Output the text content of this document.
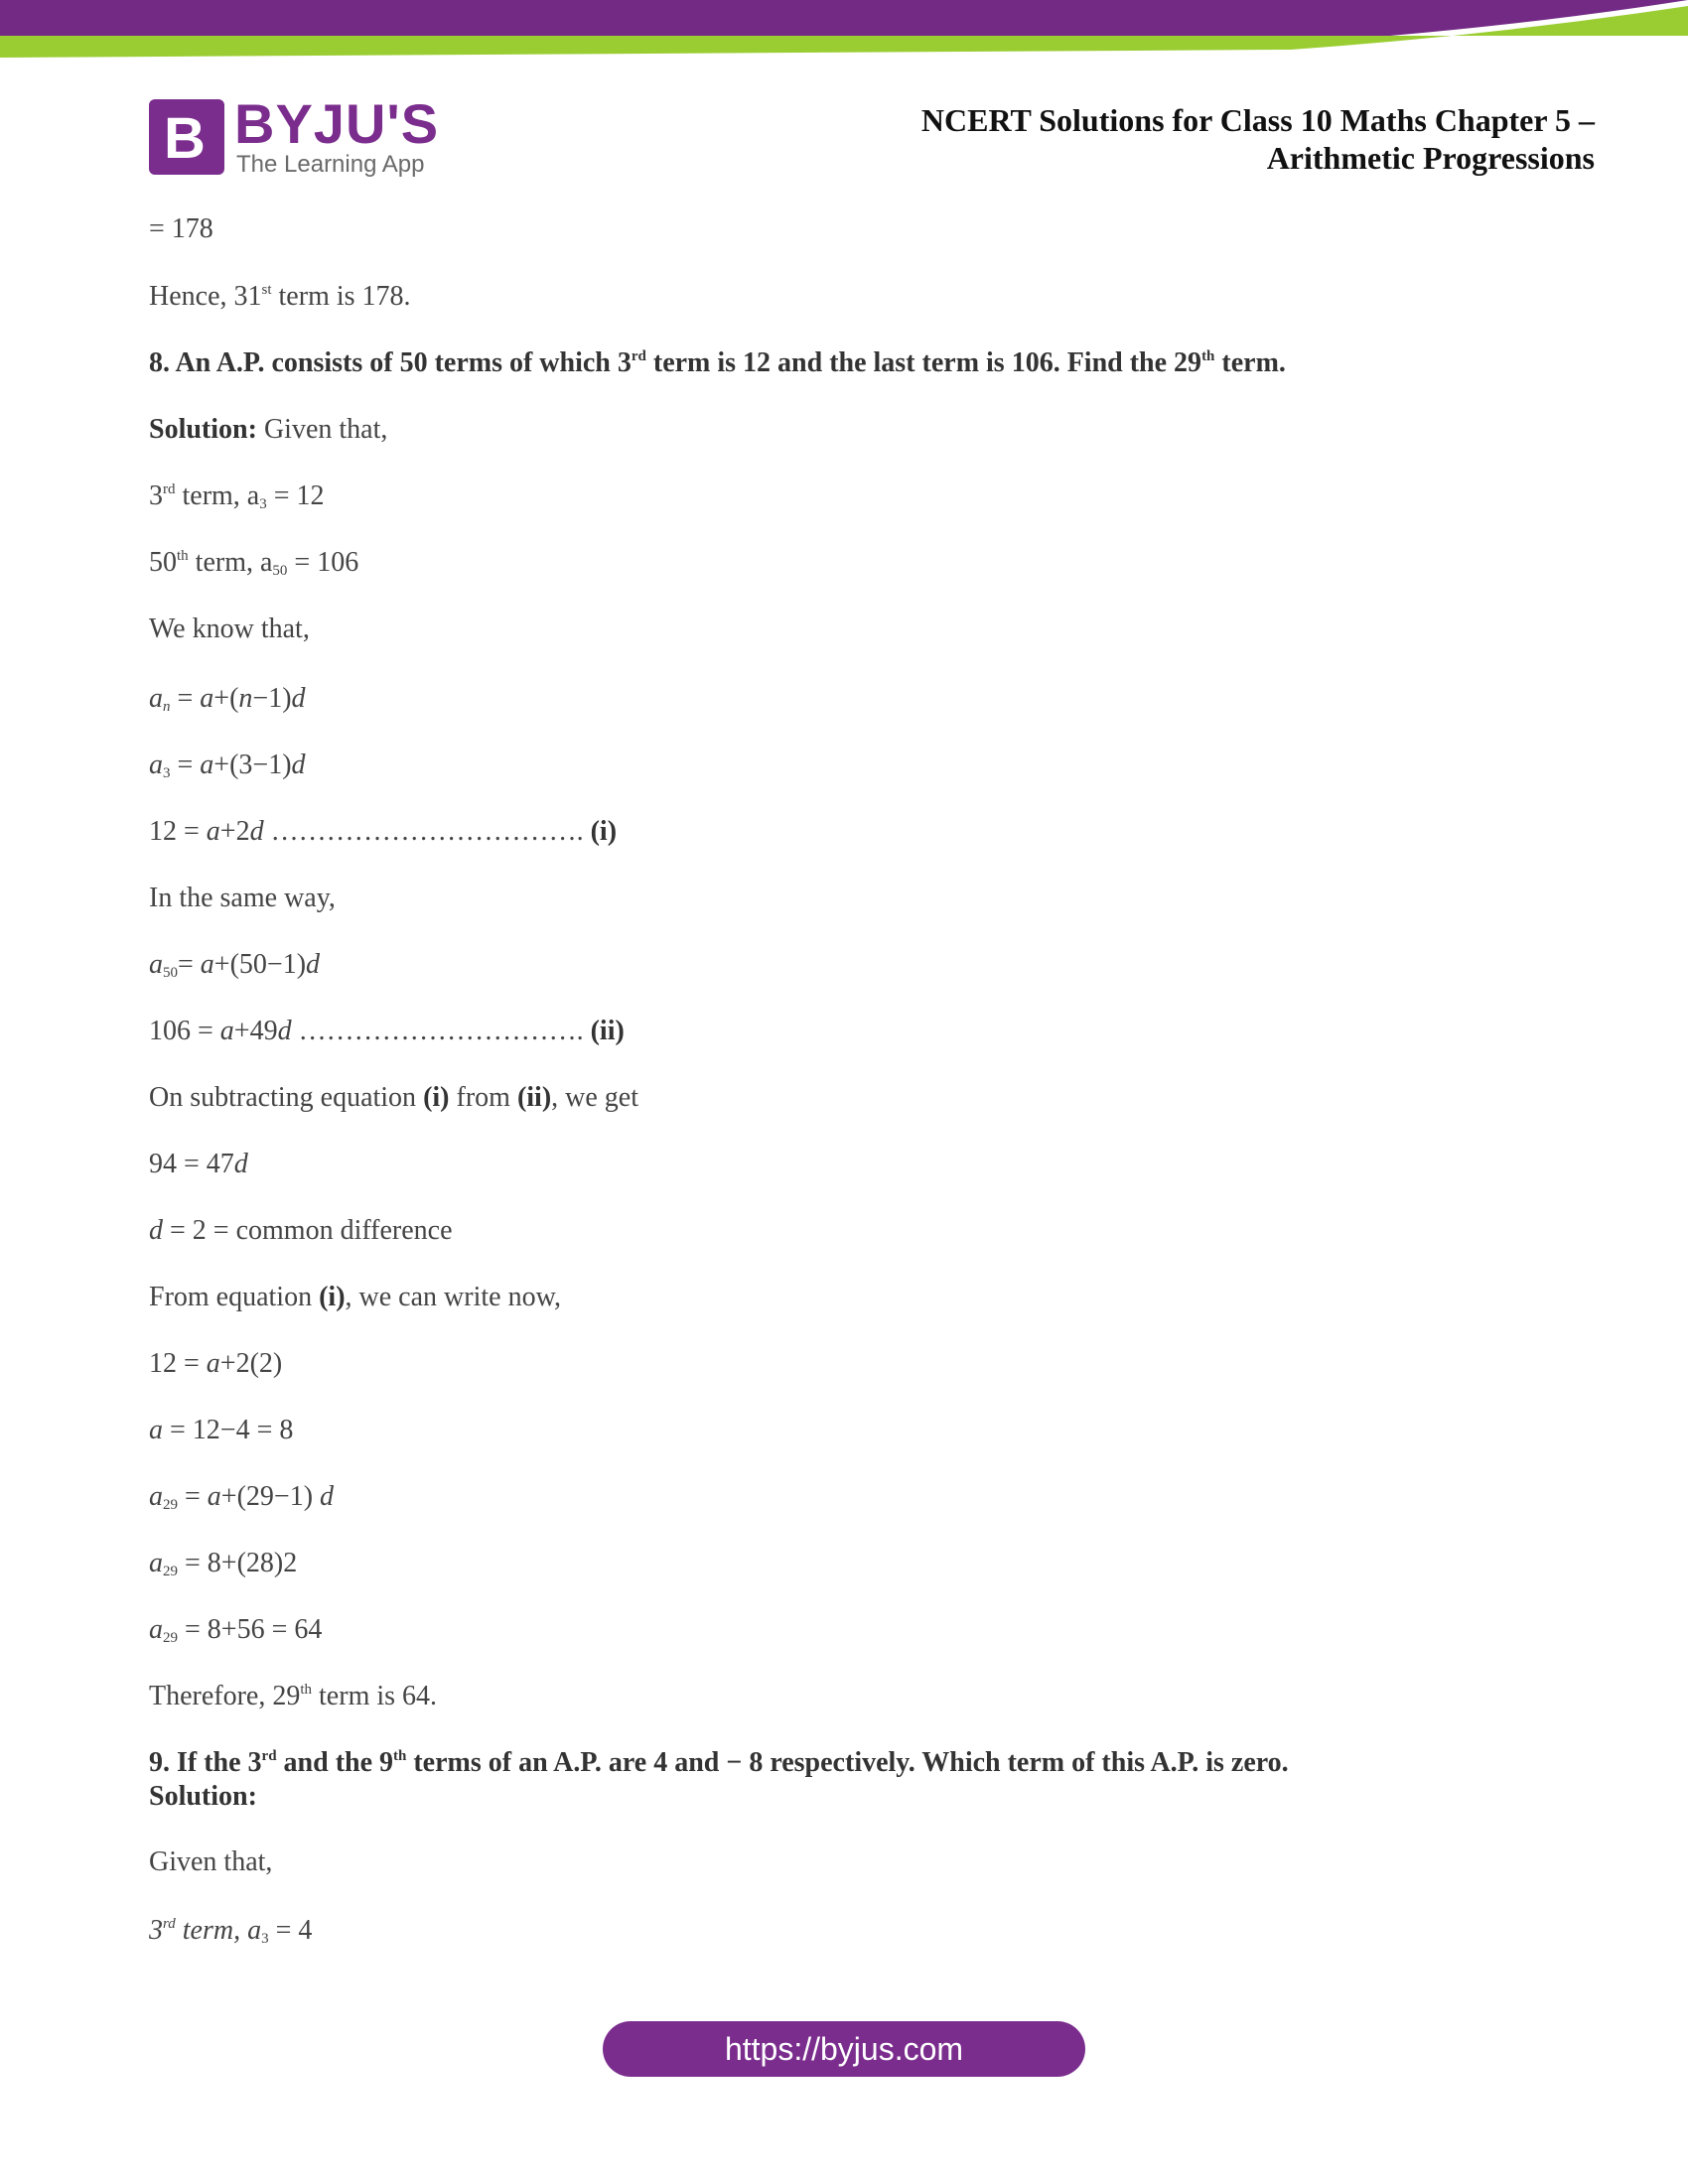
B BYJU'S
The Learning App
NCERT Solutions for Class 10 Maths Chapter 5 –
Arithmetic Progressions
= 178
Hence, 31st term is 178.
8. An A.P. consists of 50 terms of which 3rd term is 12 and the last term is 106. Find the 29th term.
Solution: Given that,
3rd term, $a_3 = 12$
50th term, $a_{50} = 106$
We know that,
$a_n = a+(n-1)d$
$a_3 = a+(3-1)d$
12 = a+2d ……………………………. (i)
In the same way,
$a_{50}= a+(50-1)d$
106 = a+49d …………………………. (ii)
On subtracting equation (i) from (ii), we get
94 = 47d
d = 2 = common difference
From equation (i), we can write now,
12 = a+2(2)
a = 12−4 = 8
$a_{29} = a+(29-1)$ d
$a_{29} = 8+(28)2$
$a_{29} = 8+56 = 64$
Therefore, 29th term is 64.
9. If the 3rd and the 9th terms of an A.P. are 4 and − 8 respectively. Which term of this A.P. is zero.
Solution:
Given that,
3rd term, $a_3 = 4$
https://byjus.com
